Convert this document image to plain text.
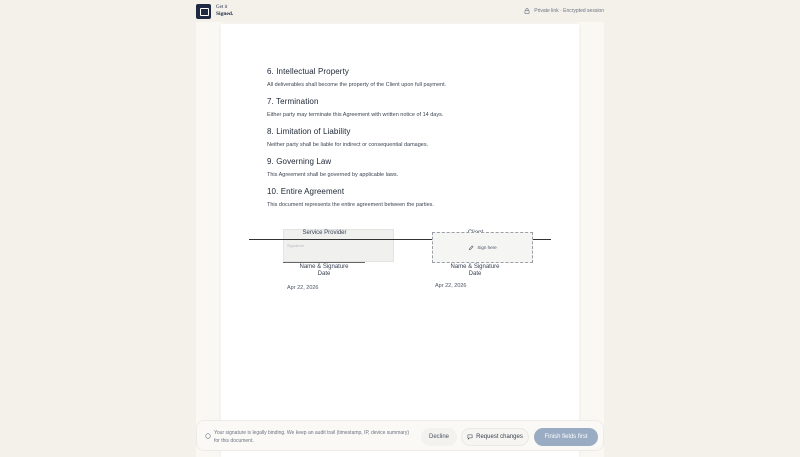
Get it
Signed.	Private link · Encrypted session
6. Intellectual Property
All deliverables shall become the property of the Client upon full payment.
7. Termination
Either party may terminate this Agreement with written notice of 14 days.
8. Limitation of Liability
Neither party shall be liable for indirect or consequential damages.
9. Governing Law
This Agreement shall be governed by applicable laws.
10. Entire Agreement
This document represents the entire agreement between the parties.
Service Provider
Signature	Sign here
Name & Signature
Date
Name & Signature
Date
Apr 22, 2026	Apr 22, 2026
Your signature is legally binding. We keep an audit trail (timestamp, IP, device summary) for this document.
Decline	Request changes	Finish fields first
